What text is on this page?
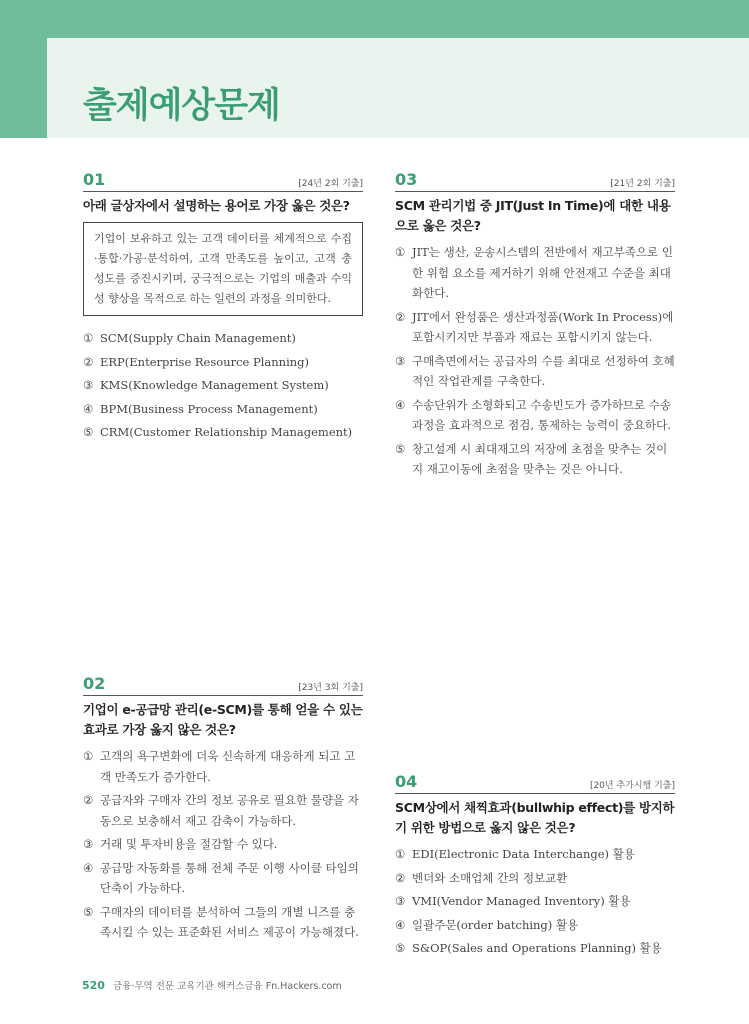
출제예상문제
01	[24년 2회 기출]
아래 글상자에서 설명하는 용어로 가장 옳은 것은?
기업이 보유하고 있는 고객 데이터를 체계적으로 수집·통합·가공·분석하여, 고객 만족도를 높이고, 고객 충성도를 증진시키며, 궁극적으로는 기업의 매출과 수익성 향상을 목적으로 하는 일련의 과정을 의미한다.
① SCM(Supply Chain Management)
② ERP(Enterprise Resource Planning)
③ KMS(Knowledge Management System)
④ BPM(Business Process Management)
⑤ CRM(Customer Relationship Management)
02	[23년 3회 기출]
기업이 e-공급망 관리(e-SCM)를 통해 얻을 수 있는 효과로 가장 옳지 않은 것은?
① 고객의 욕구변화에 더욱 신속하게 대응하게 되고 고객 만족도가 증가한다.
② 공급자와 구매자 간의 정보 공유로 필요한 물량을 자동으로 보충해서 재고 감축이 가능하다.
③ 거래 및 투자비용을 절감할 수 있다.
④ 공급망 자동화를 통해 전체 주문 이행 사이클 타임의 단축이 가능하다.
⑤ 구매자의 데이터를 분석하여 그들의 개별 니즈를 충족시킬 수 있는 표준화된 서비스 제공이 가능해졌다.
03	[21년 2회 기출]
SCM 관리기법 중 JIT(Just In Time)에 대한 내용으로 옳은 것은?
① JIT는 생산, 운송시스템의 전반에서 재고부족으로 인한 위험 요소를 제거하기 위해 안전재고 수준을 최대화한다.
② JIT에서 완성품은 생산과정품(Work In Process)에 포함시키지만 부품과 재료는 포함시키지 않는다.
③ 구매측면에서는 공급자의 수를 최대로 선정하여 호혜적인 작업관계를 구축한다.
④ 수송단위가 소형화되고 수송빈도가 증가하므로 수송과정을 효과적으로 점검, 통제하는 능력이 중요하다.
⑤ 창고설계 시 최대재고의 저장에 초점을 맞추는 것이지 재고이동에 초점을 맞추는 것은 아니다.
04	[20년 추가시행 기출]
SCM상에서 채찍효과(bullwhip effect)를 방지하기 위한 방법으로 옳지 않은 것은?
① EDI(Electronic Data Interchange) 활용
② 벤더와 소매업체 간의 정보교환
③ VMI(Vendor Managed Inventory) 활용
④ 일괄주문(order batching) 활용
⑤ S&OP(Sales and Operations Planning) 활용
520 금융·무역 전문 교육기관 해커스금융 Fn.Hackers.com
